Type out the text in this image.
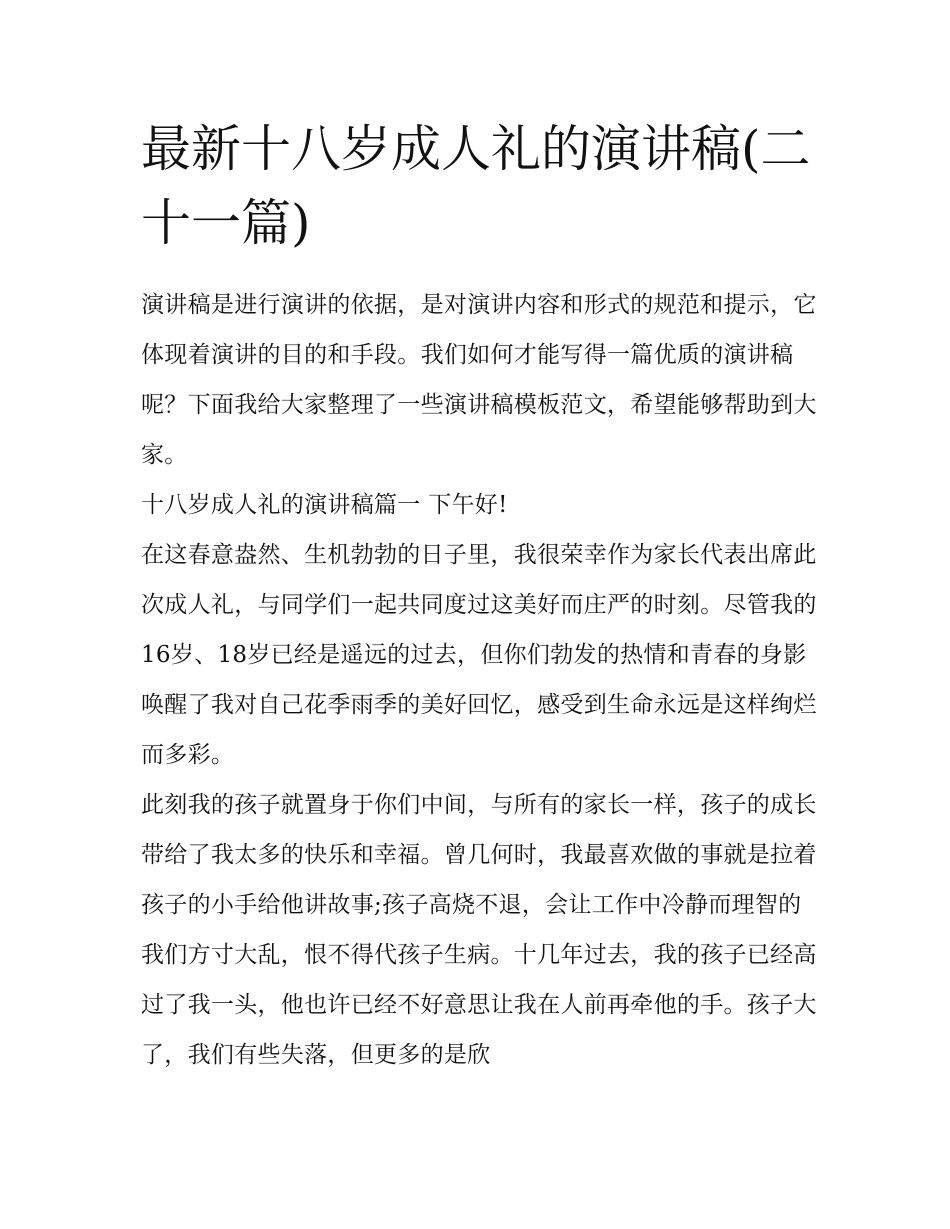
最新十八岁成人礼的演讲稿(二十一篇)

演讲稿是进行演讲的依据，是对演讲内容和形式的规范和提示，它体现着演讲的目的和手段。我们如何才能写得一篇优质的演讲稿呢？下面我给大家整理了一些演讲稿模板范文，希望能够帮助到大家。

十八岁成人礼的演讲稿篇一 下午好!

在这春意盎然、生机勃勃的日子里，我很荣幸作为家长代表出席此次成人礼，与同学们一起共同度过这美好而庄严的时刻。尽管我的16岁、18岁已经是遥远的过去，但你们勃发的热情和青春的身影唤醒了我对自己花季雨季的美好回忆，感受到生命永远是这样绚烂而多彩。

此刻我的孩子就置身于你们中间，与所有的家长一样，孩子的成长带给了我太多的快乐和幸福。曾几何时，我最喜欢做的事就是拉着孩子的小手给他讲故事;孩子高烧不退，会让工作中冷静而理智的我们方寸大乱，恨不得代孩子生病。十几年过去，我的孩子已经高过了我一头，他也许已经不好意思让我在人前再牵他的手。孩子大了，我们有些失落，但更多的是欣
